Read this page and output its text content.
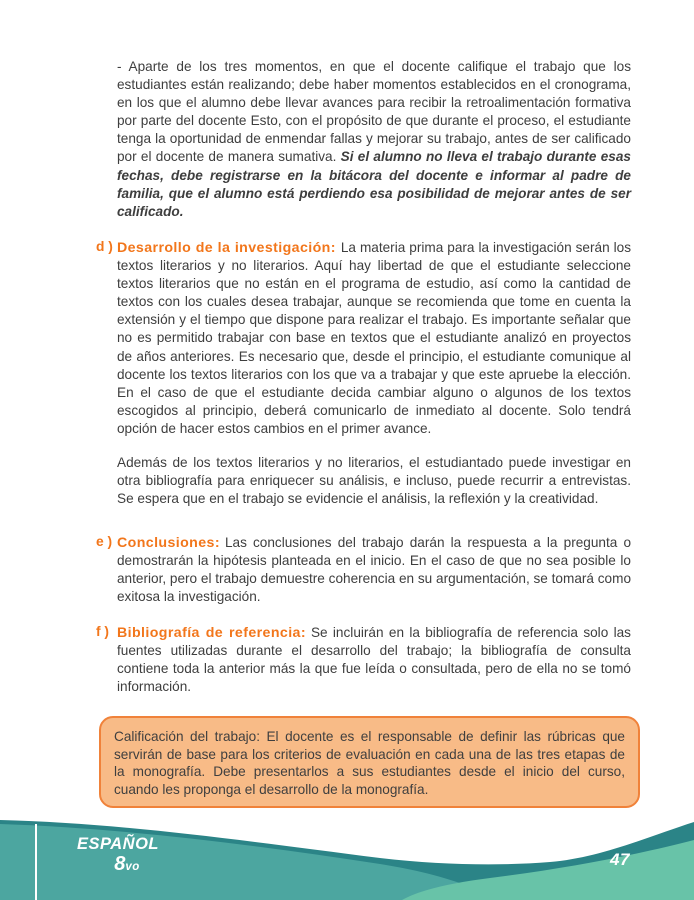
- Aparte de los tres momentos, en que el docente califique el trabajo que los estudiantes están realizando; debe haber momentos establecidos en el cronograma, en los que el alumno debe llevar avances para recibir la retroalimentación formativa por parte del docente Esto, con el propósito de que durante el proceso, el estudiante tenga la oportunidad de enmendar fallas y mejorar su trabajo, antes de ser calificado por el docente de manera sumativa. Si el alumno no lleva el trabajo durante esas fechas, debe registrarse en la bitácora del docente e informar al padre de familia, que el alumno está perdiendo esa posibilidad de mejorar antes de ser calificado.

d ) Desarrollo de la investigación: La materia prima para la investigación serán los textos literarios y no literarios. Aquí hay libertad de que el estudiante seleccione textos literarios que no están en el programa de estudio, así como la cantidad de textos con los cuales desea trabajar, aunque se recomienda que tome en cuenta la extensión y el tiempo que dispone para realizar el trabajo. Es importante señalar que no es permitido trabajar con base en textos que el estudiante analizó en proyectos de años anteriores. Es necesario que, desde el principio, el estudiante comunique al docente los textos literarios con los que va a trabajar y que este apruebe la elección. En el caso de que el estudiante decida cambiar alguno o algunos de los textos escogidos al principio, deberá comunicarlo de inmediato al docente. Solo tendrá opción de hacer estos cambios en el primer avance.

Además de los textos literarios y no literarios, el estudiantado puede investigar en otra bibliografía para enriquecer su análisis, e incluso, puede recurrir a entrevistas. Se espera que en el trabajo se evidencie el análisis, la reflexión y la creatividad.

e ) Conclusiones: Las conclusiones del trabajo darán la respuesta a la pregunta o demostrarán la hipótesis planteada en el inicio. En el caso de que no sea posible lo anterior, pero el trabajo demuestre coherencia en su argumentación, se tomará como exitosa la investigación.

f ) Bibliografía de referencia: Se incluirán en la bibliografía de referencia solo las fuentes utilizadas durante el desarrollo del trabajo; la bibliografía de consulta contiene toda la anterior más la que fue leída o consultada, pero de ella no se tomó información.

Calificación del trabajo: El docente es el responsable de definir las rúbricas que servirán de base para los criterios de evaluación en cada una de las tres etapas de la monografía. Debe presentarlos a sus estudiantes desde el inicio del curso, cuando les proponga el desarrollo de la monografía.

ESPAÑOL
8vo	47
